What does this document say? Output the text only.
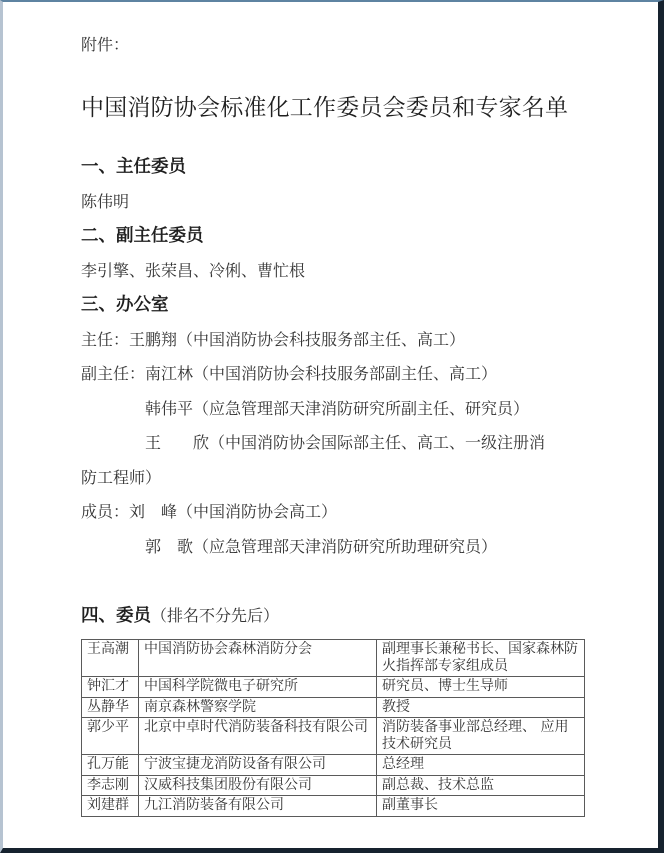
附件：
中国消防协会标准化工作委员会委员和专家名单
一、主任委员
陈伟明
二、副主任委员
李引擎、张荣昌、冷俐、曹忙根
三、办公室
主任：王鹏翔（中国消防协会科技服务部主任、高工）
副主任：南江林（中国消防协会科技服务部副主任、高工）
韩伟平（应急管理部天津消防研究所副主任、研究员）
王　　欣（中国消防协会国际部主任、高工、一级注册消
防工程师）
成员：刘　峰（中国消防协会高工）
郭　歌（应急管理部天津消防研究所助理研究员）

四、委员（排名不分先后）
王高潮	中国消防协会森林消防分会	副理事长兼秘书长、国家森林防火指挥部专家组成员
钟汇才	中国科学院微电子研究所	研究员、博士生导师
丛静华	南京森林警察学院	教授
郭少平	北京中卓时代消防装备科技有限公司	消防装备事业部总经理、 应用技术研究员
孔万能	宁波宝捷龙消防设备有限公司	总经理
李志刚	汉威科技集团股份有限公司	副总裁、技术总监
刘建群	九江消防装备有限公司	副董事长
